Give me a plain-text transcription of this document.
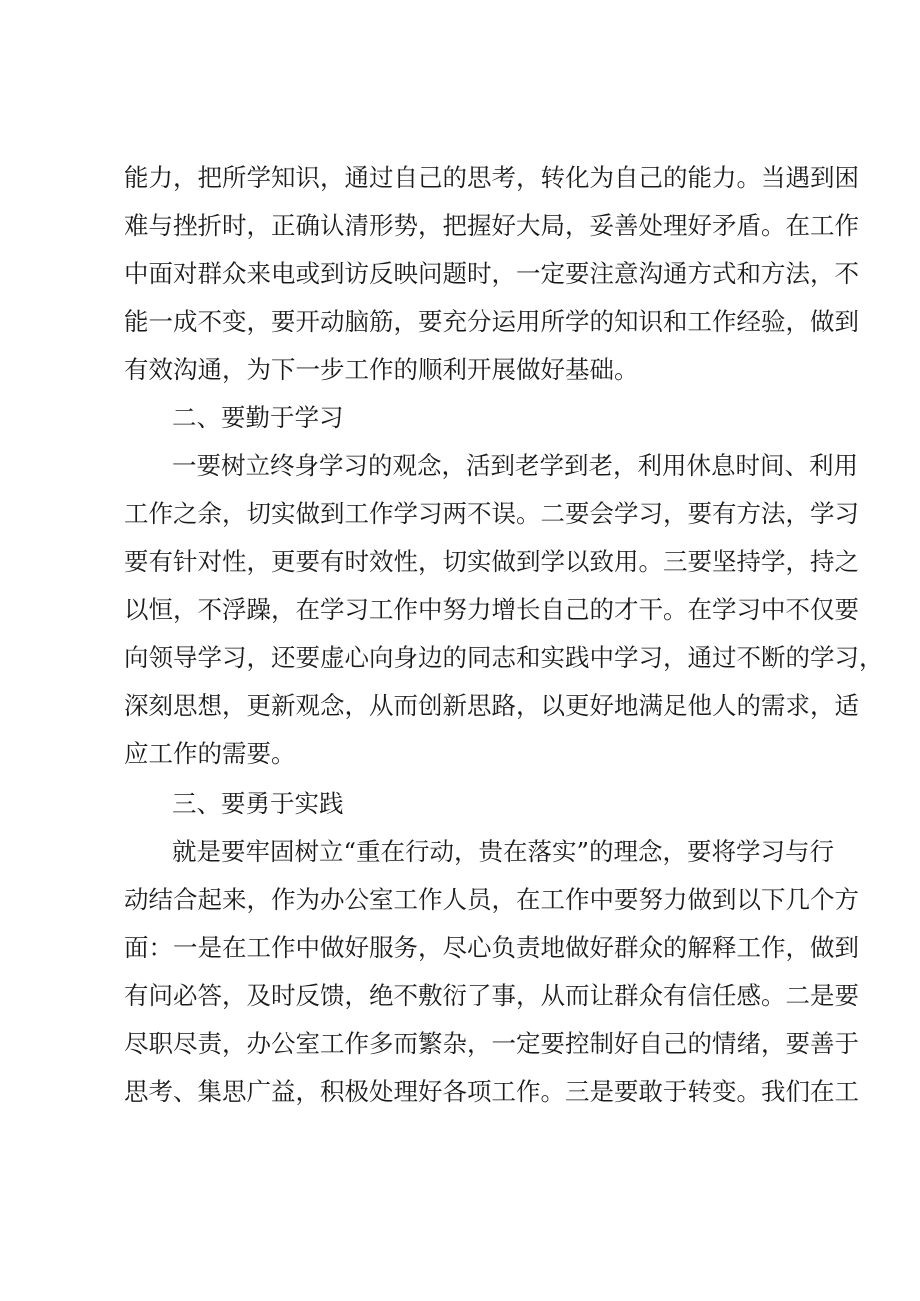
能力，把所学知识，通过自己的思考，转化为自己的能力。当遇到困
难与挫折时，正确认清形势，把握好大局，妥善处理好矛盾。在工作
中面对群众来电或到访反映问题时，一定要注意沟通方式和方法，不
能一成不变，要开动脑筋，要充分运用所学的知识和工作经验，做到
有效沟通，为下一步工作的顺利开展做好基础。
二、要勤于学习
一要树立终身学习的观念，活到老学到老，利用休息时间、利用
工作之余，切实做到工作学习两不误。二要会学习，要有方法，学习
要有针对性，更要有时效性，切实做到学以致用。三要坚持学，持之
以恒，不浮躁，在学习工作中努力增长自己的才干。在学习中不仅要
向领导学习，还要虚心向身边的同志和实践中学习，通过不断的学习，
深刻思想，更新观念，从而创新思路，以更好地满足他人的需求，适
应工作的需要。
三、要勇于实践
就是要牢固树立“重在行动，贵在落实”的理念，要将学习与行
动结合起来，作为办公室工作人员，在工作中要努力做到以下几个方
面：一是在工作中做好服务，尽心负责地做好群众的解释工作，做到
有问必答，及时反馈，绝不敷衍了事，从而让群众有信任感。二是要
尽职尽责，办公室工作多而繁杂，一定要控制好自己的情绪，要善于
思考、集思广益，积极处理好各项工作。三是要敢于转变。我们在工
